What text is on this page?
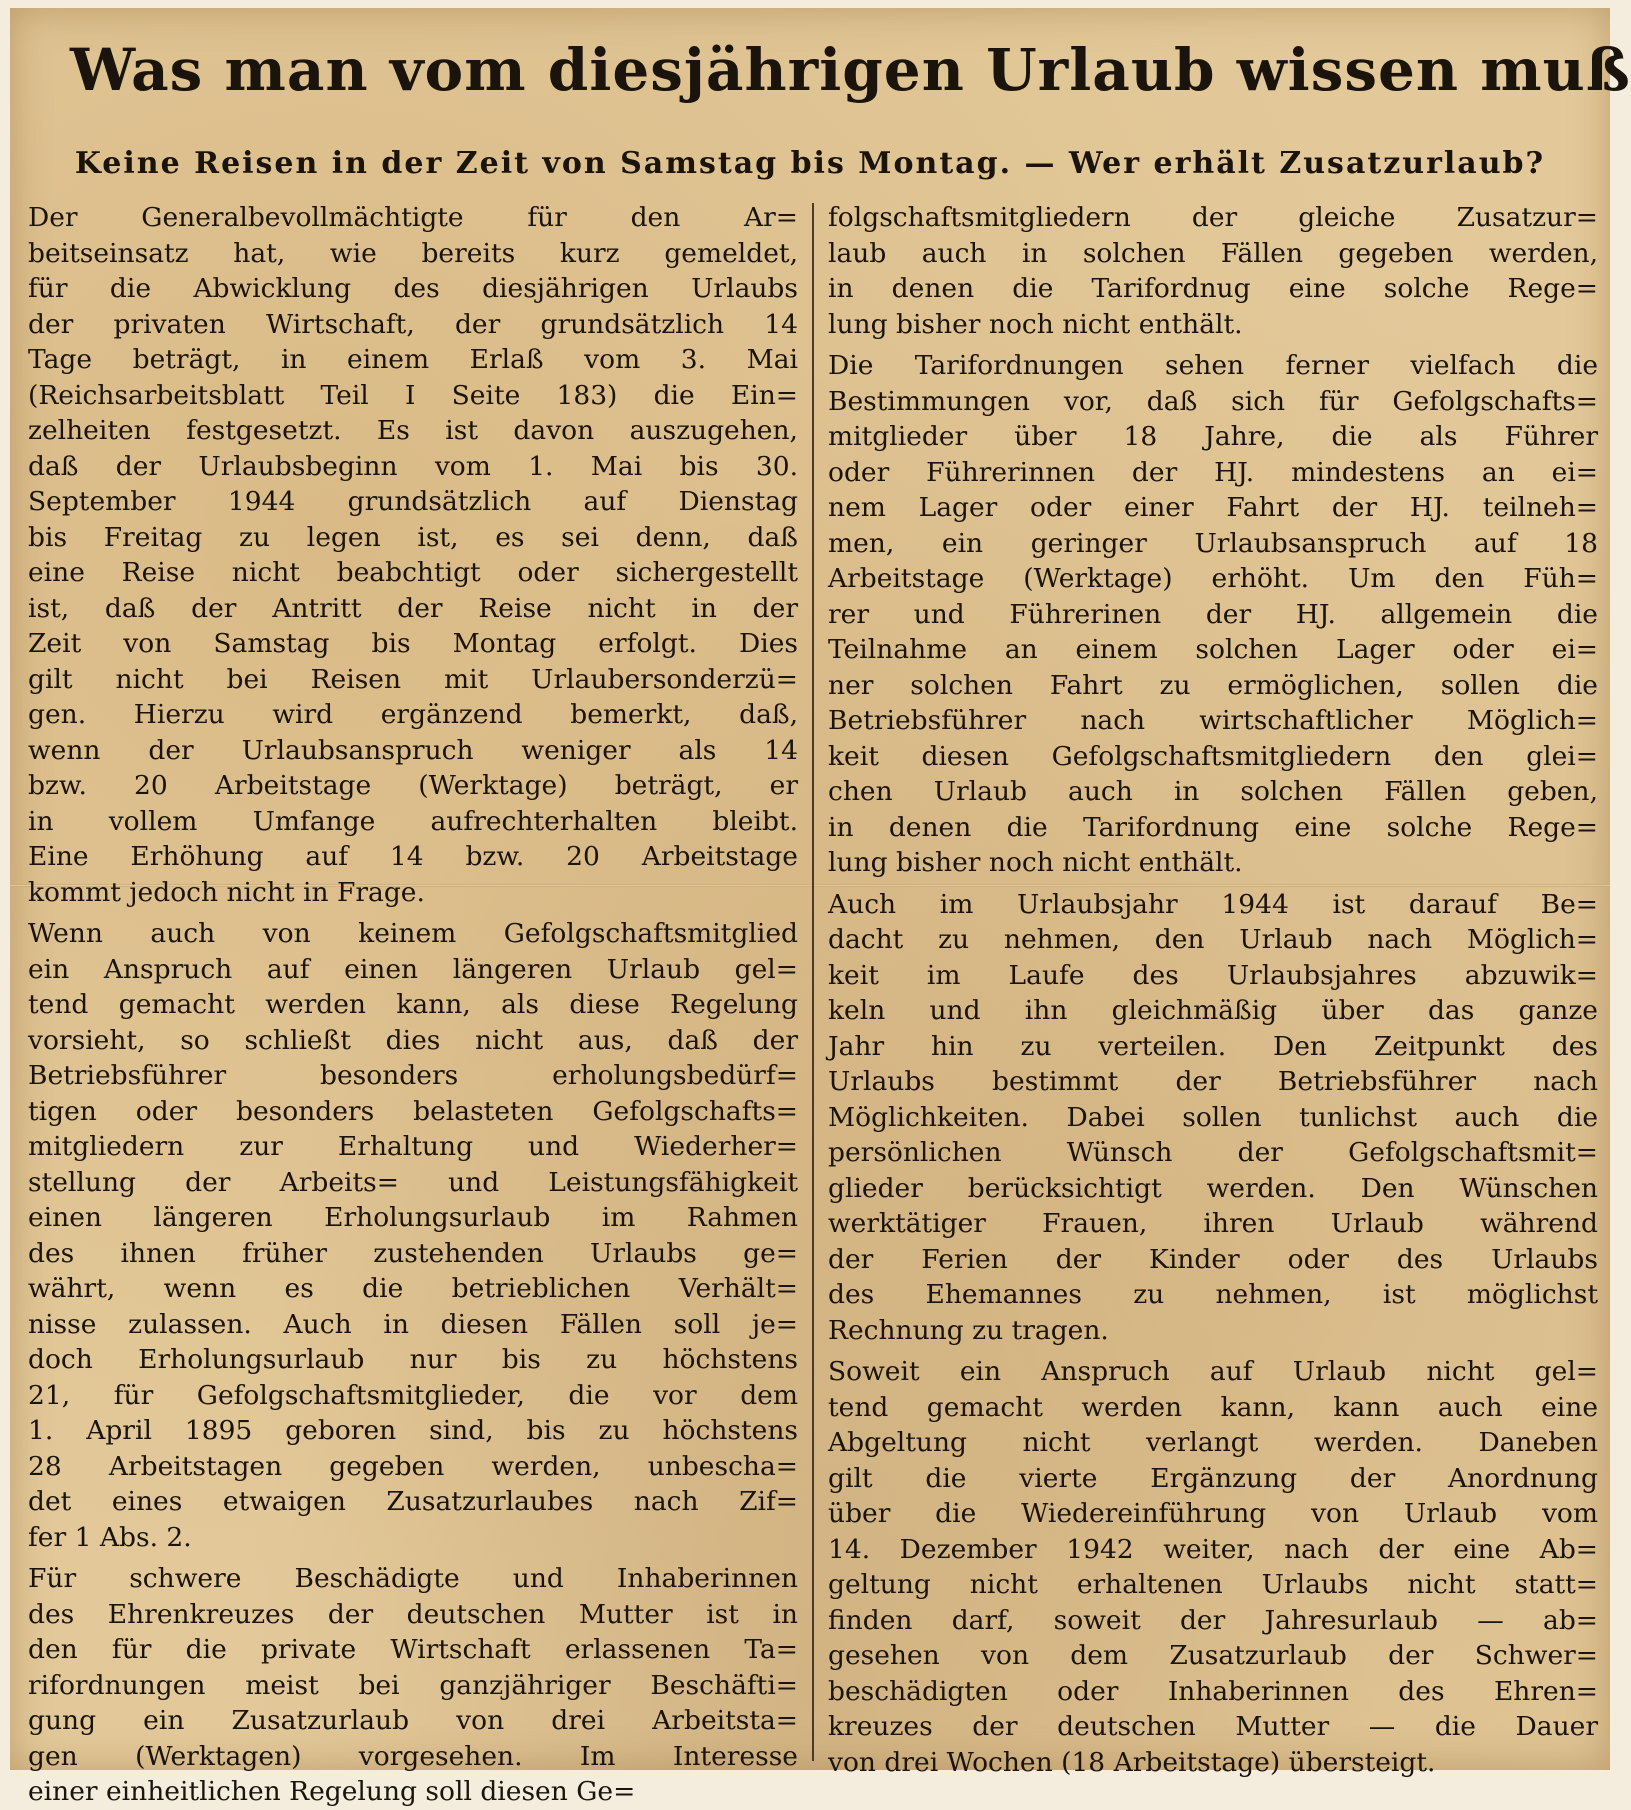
Was man vom diesjährigen Urlaub wissen muß
Keine Reisen in der Zeit von Samstag bis Montag. — Wer erhält Zusatzurlaub?
Der Generalbevollmächtigte für den Ar=
beitseinsatz hat, wie bereits kurz gemeldet,
für die Abwicklung des diesjährigen Urlaubs
der privaten Wirtschaft, der grundsätzlich 14
Tage beträgt, in einem Erlaß vom 3. Mai
(Reichsarbeitsblatt Teil I Seite 183) die Ein=
zelheiten festgesetzt. Es ist davon auszugehen,
daß der Urlaubsbeginn vom 1. Mai bis 30.
September 1944 grundsätzlich auf Dienstag
bis Freitag zu legen ist, es sei denn, daß
eine Reise nicht beabchtigt oder sichergestellt
ist, daß der Antritt der Reise nicht in der
Zeit von Samstag bis Montag erfolgt. Dies
gilt nicht bei Reisen mit Urlaubersonderzü=
gen. Hierzu wird ergänzend bemerkt, daß,
wenn der Urlaubsanspruch weniger als 14
bzw. 20 Arbeitstage (Werktage) beträgt, er
in vollem Umfange aufrechterhalten bleibt.
Eine Erhöhung auf 14 bzw. 20 Arbeitstage
kommt jedoch nicht in Frage.
Wenn auch von keinem Gefolgschaftsmitglied
ein Anspruch auf einen längeren Urlaub gel=
tend gemacht werden kann, als diese Regelung
vorsieht, so schließt dies nicht aus, daß der
Betriebsführer besonders erholungsbedürf=
tigen oder besonders belasteten Gefolgschafts=
mitgliedern zur Erhaltung und Wiederher=
stellung der Arbeits= und Leistungsfähigkeit
einen längeren Erholungsurlaub im Rahmen
des ihnen früher zustehenden Urlaubs ge=
währt, wenn es die betrieblichen Verhält=
nisse zulassen. Auch in diesen Fällen soll je=
doch Erholungsurlaub nur bis zu höchstens
21, für Gefolgschaftsmitglieder, die vor dem
1. April 1895 geboren sind, bis zu höchstens
28 Arbeitstagen gegeben werden, unbescha=
det eines etwaigen Zusatzurlaubes nach Zif=
fer 1 Abs. 2.
Für schwere Beschädigte und Inhaberinnen
des Ehrenkreuzes der deutschen Mutter ist in
den für die private Wirtschaft erlassenen Ta=
rifordnungen meist bei ganzjähriger Beschäfti=
gung ein Zusatzurlaub von drei Arbeitsta=
gen (Werktagen) vorgesehen. Im Interesse
einer einheitlichen Regelung soll diesen Ge=
folgschaftsmitgliedern der gleiche Zusatzur=
laub auch in solchen Fällen gegeben werden,
in denen die Tarifordnug eine solche Rege=
lung bisher noch nicht enthält.
Die Tarifordnungen sehen ferner vielfach die
Bestimmungen vor, daß sich für Gefolgschafts=
mitglieder über 18 Jahre, die als Führer
oder Führerinnen der HJ. mindestens an ei=
nem Lager oder einer Fahrt der HJ. teilneh=
men, ein geringer Urlaubsanspruch auf 18
Arbeitstage (Werktage) erhöht. Um den Füh=
rer und Führerinen der HJ. allgemein die
Teilnahme an einem solchen Lager oder ei=
ner solchen Fahrt zu ermöglichen, sollen die
Betriebsführer nach wirtschaftlicher Möglich=
keit diesen Gefolgschaftsmitgliedern den glei=
chen Urlaub auch in solchen Fällen geben,
in denen die Tarifordnung eine solche Rege=
lung bisher noch nicht enthält.
Auch im Urlaubsjahr 1944 ist darauf Be=
dacht zu nehmen, den Urlaub nach Möglich=
keit im Laufe des Urlaubsjahres abzuwik=
keln und ihn gleichmäßig über das ganze
Jahr hin zu verteilen. Den Zeitpunkt des
Urlaubs bestimmt der Betriebsführer nach
Möglichkeiten. Dabei sollen tunlichst auch die
persönlichen Wünsch der Gefolgschaftsmit=
glieder berücksichtigt werden. Den Wünschen
werktätiger Frauen, ihren Urlaub während
der Ferien der Kinder oder des Urlaubs
des Ehemannes zu nehmen, ist möglichst
Rechnung zu tragen.
Soweit ein Anspruch auf Urlaub nicht gel=
tend gemacht werden kann, kann auch eine
Abgeltung nicht verlangt werden. Daneben
gilt die vierte Ergänzung der Anordnung
über die Wiedereinführung von Urlaub vom
14. Dezember 1942 weiter, nach der eine Ab=
geltung nicht erhaltenen Urlaubs nicht statt=
finden darf, soweit der Jahresurlaub — ab=
gesehen von dem Zusatzurlaub der Schwer=
beschädigten oder Inhaberinnen des Ehren=
kreuzes der deutschen Mutter — die Dauer
von drei Wochen (18 Arbeitstage) übersteigt.
